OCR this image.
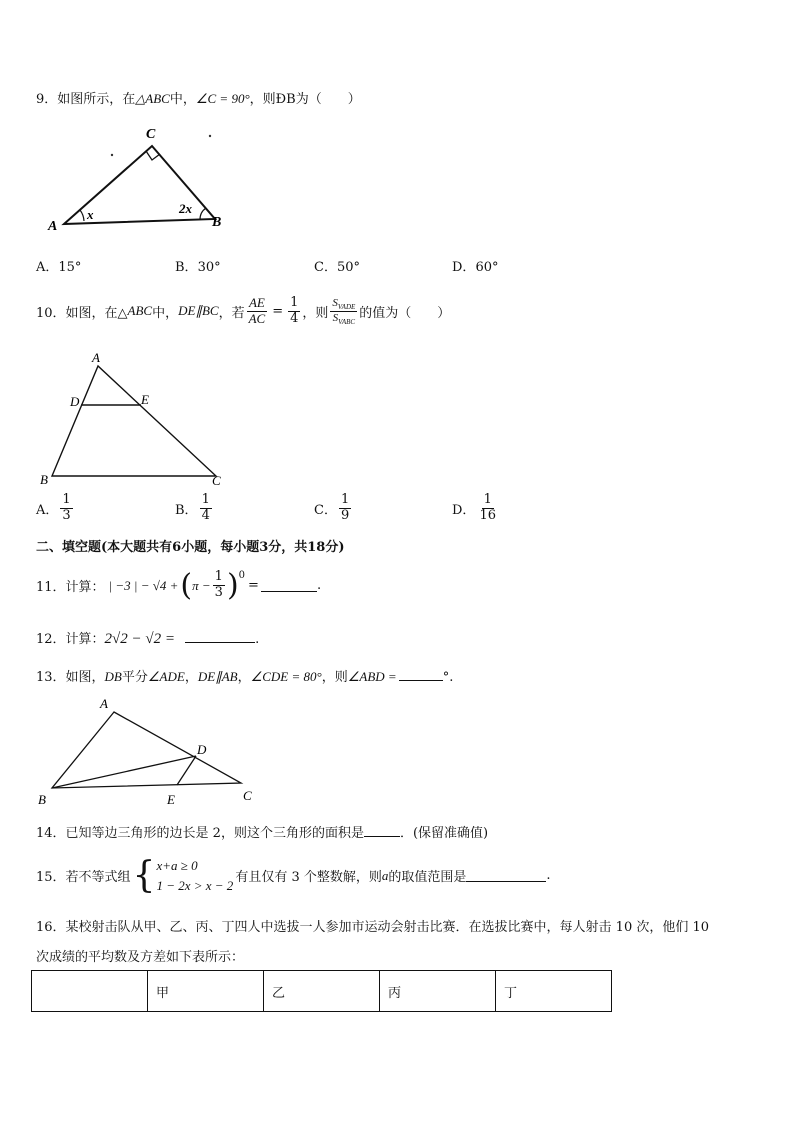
9．如图所示，在△ABC中，∠C = 90°，则ÐB为（　　）
A
C
B
x	2x
A．15°	B．30°	C．50°	D．60°
10．如图，在△ ABC 中， DE∥BC ，若 $\frac{AE}{AC} = \frac{1}{4}$ ，则 $\frac{S_{VADE}}{S_{VABC}}$ 的值为（　　）
A
D	E
B	C
A． $\frac{1}{3}$	B． $\frac{1}{4}$	C． $\frac{1}{9}$	D． $\frac{1}{16}$
二、填空题(本大题共有6小题，每小题3分，共18分)
11．计算： | −3 | − √4 + ( $\pi - \frac{1}{3} )^0$
=	.
12．计算：2√2 − √2 =	.
13．如图，DB平分∠ADE，DE∥AB，∠CDE = 80°，则∠ABD =	°.
A
D
B	E	C
14．已知等边三角形的边长是 2，则这个三角形的面积是	．(保留准确值)
15．若不等式组 { x+a ≥ 0
1 − 2x > x − 2 有且仅有 3 个整数解，则 a 的取值范围是	.
16．某校射击队从甲、乙、丙、丁四人中选拔一人参加市运动会射击比赛．在选拔比赛中，每人射击 10 次，他们 10
次成绩的平均数及方差如下表所示：
	甲	乙	丙	丁
